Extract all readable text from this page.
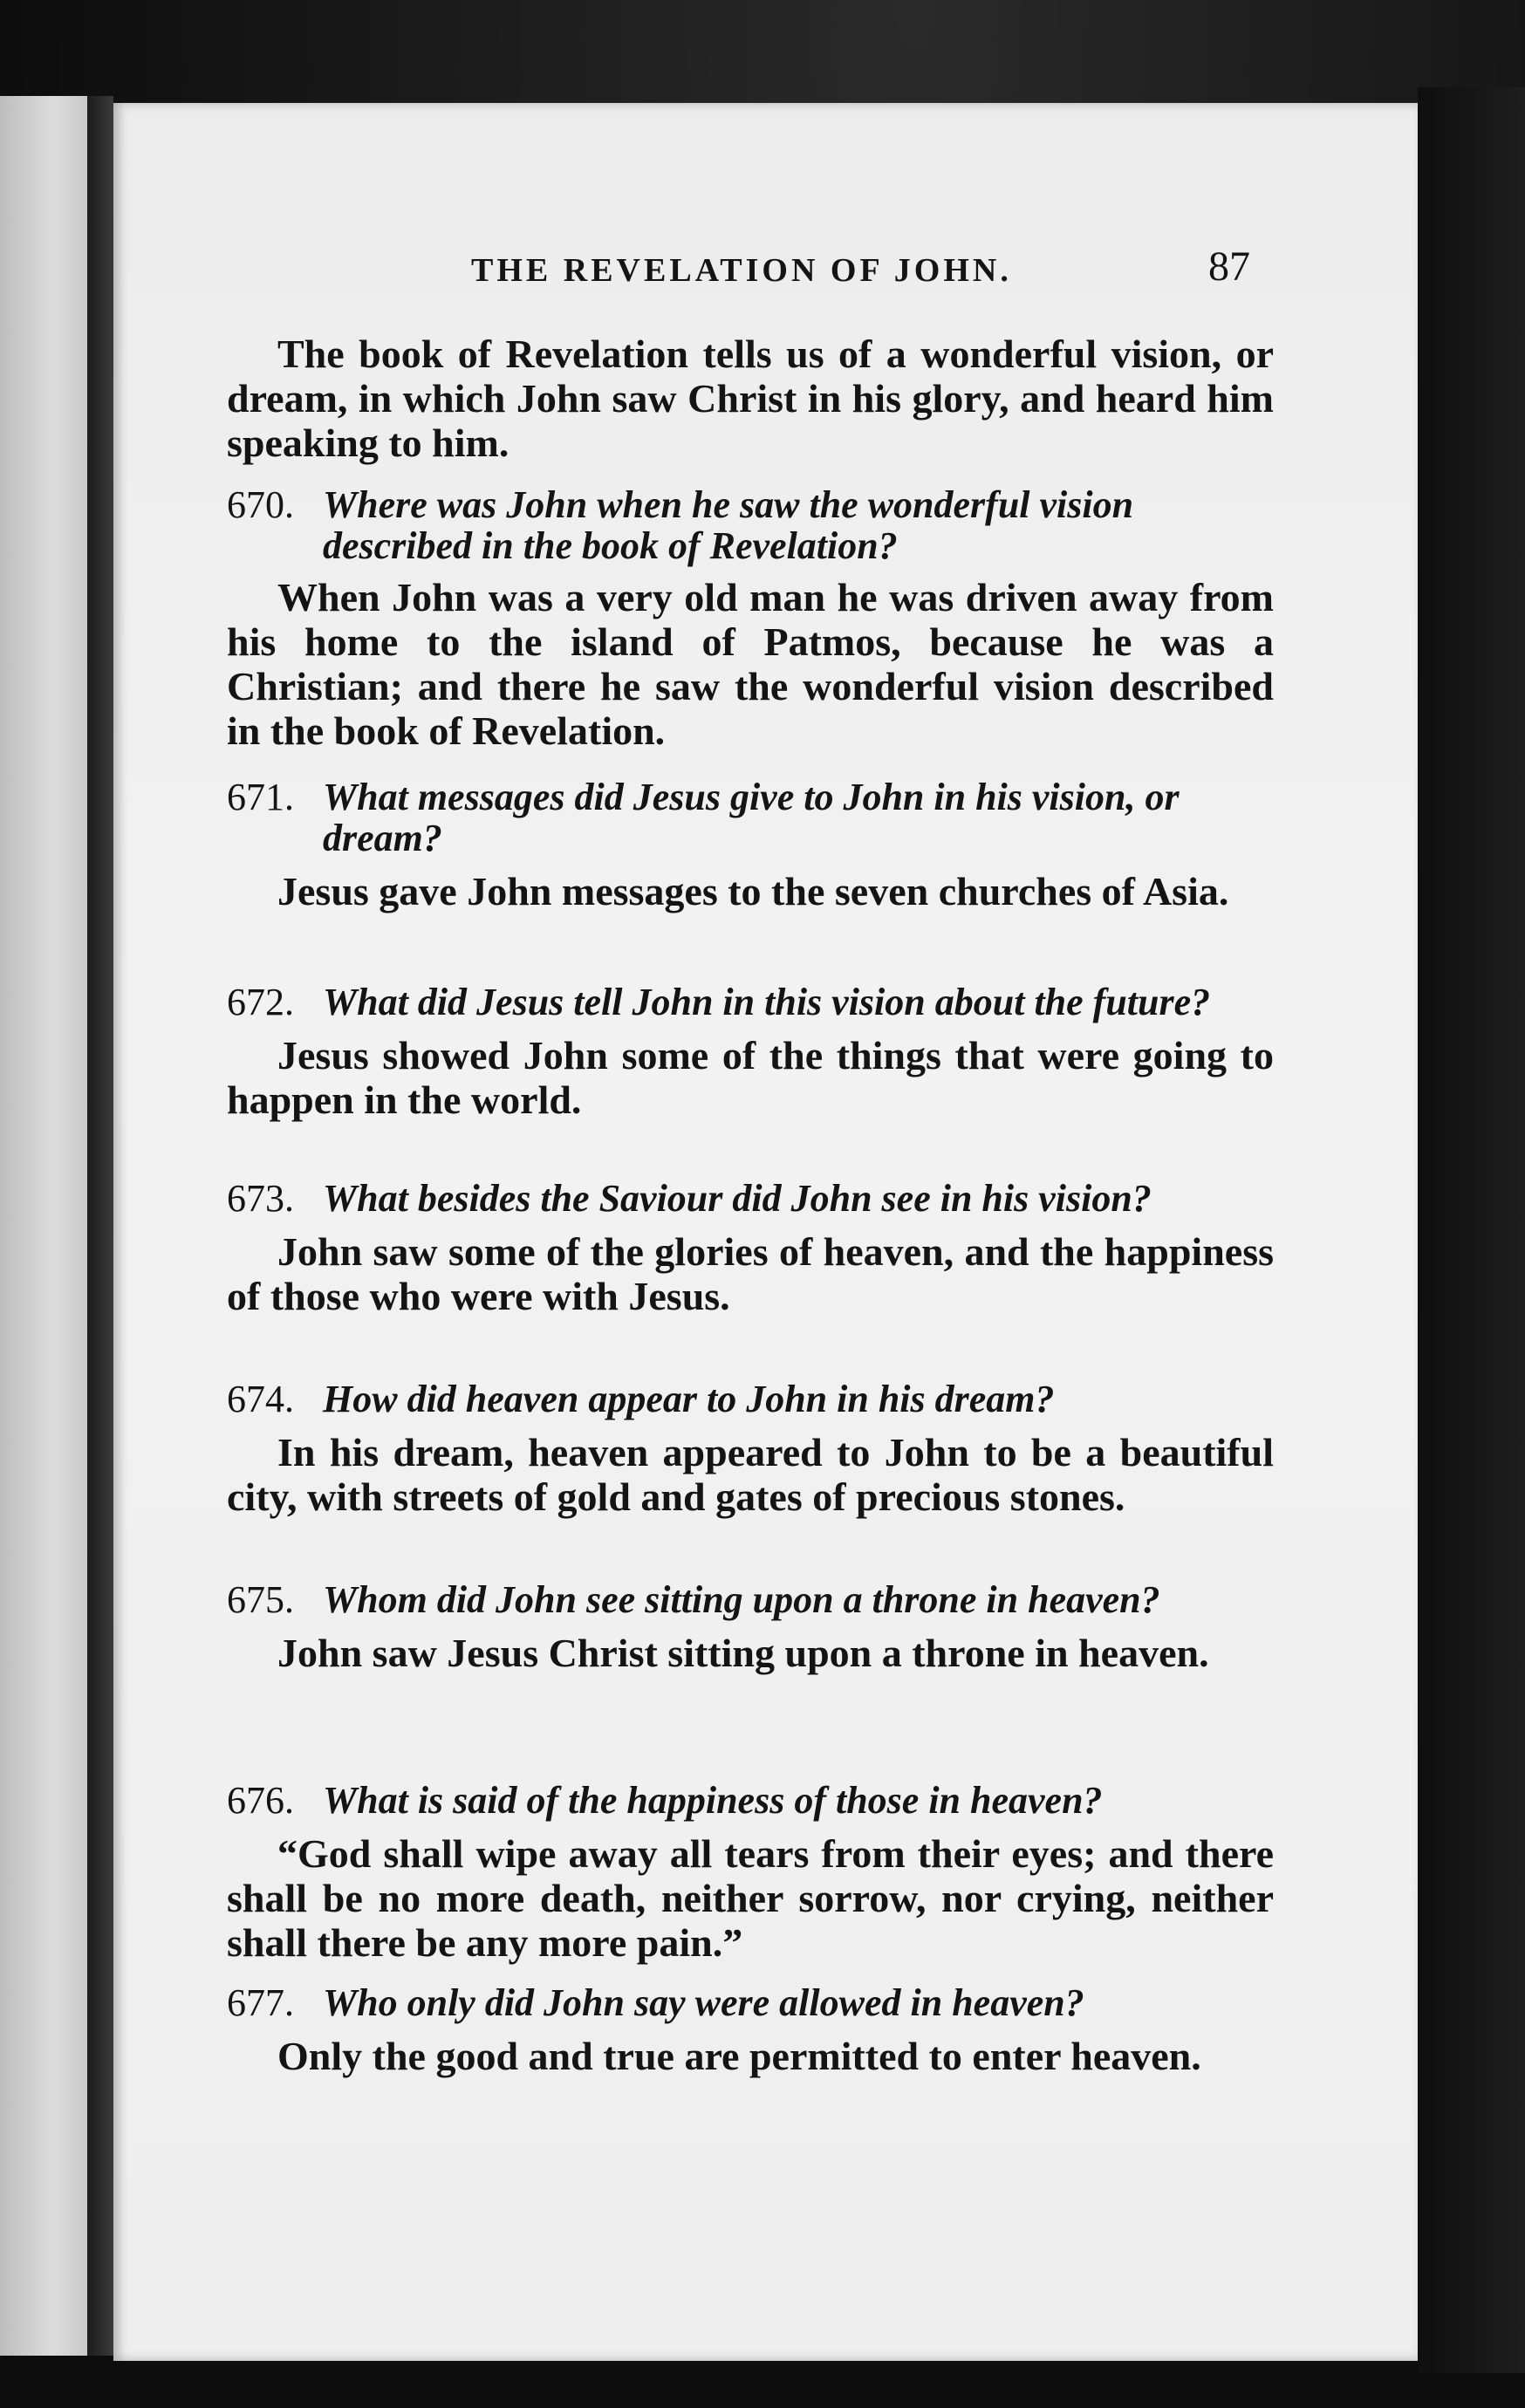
THE REVELATION OF JOHN.	87

The book of Revelation tells us of a wonderful vision, or dream, in which John saw Christ in his glory, and heard him speaking to him.

670. Where was John when he saw the wonderful vision described in the book of Revelation?

When John was a very old man he was driven away from his home to the island of Patmos, because he was a Christian; and there he saw the wonderful vision described in the book of Revelation.

671. What messages did Jesus give to John in his vision, or dream?

Jesus gave John messages to the seven churches of Asia.

672. What did Jesus tell John in this vision about the future?

Jesus showed John some of the things that were going to happen in the world.

673. What besides the Saviour did John see in his vision?

John saw some of the glories of heaven, and the happiness of those who were with Jesus.

674. How did heaven appear to John in his dream?

In his dream, heaven appeared to John to be a beautiful city, with streets of gold and gates of precious stones.

675. Whom did John see sitting upon a throne in heaven?

John saw Jesus Christ sitting upon a throne in heaven.

676. What is said of the happiness of those in heaven?

“God shall wipe away all tears from their eyes; and there shall be no more death, neither sorrow, nor crying, neither shall there be any more pain.”

677. Who only did John say were allowed in heaven?

Only the good and true are permitted to enter heaven.
